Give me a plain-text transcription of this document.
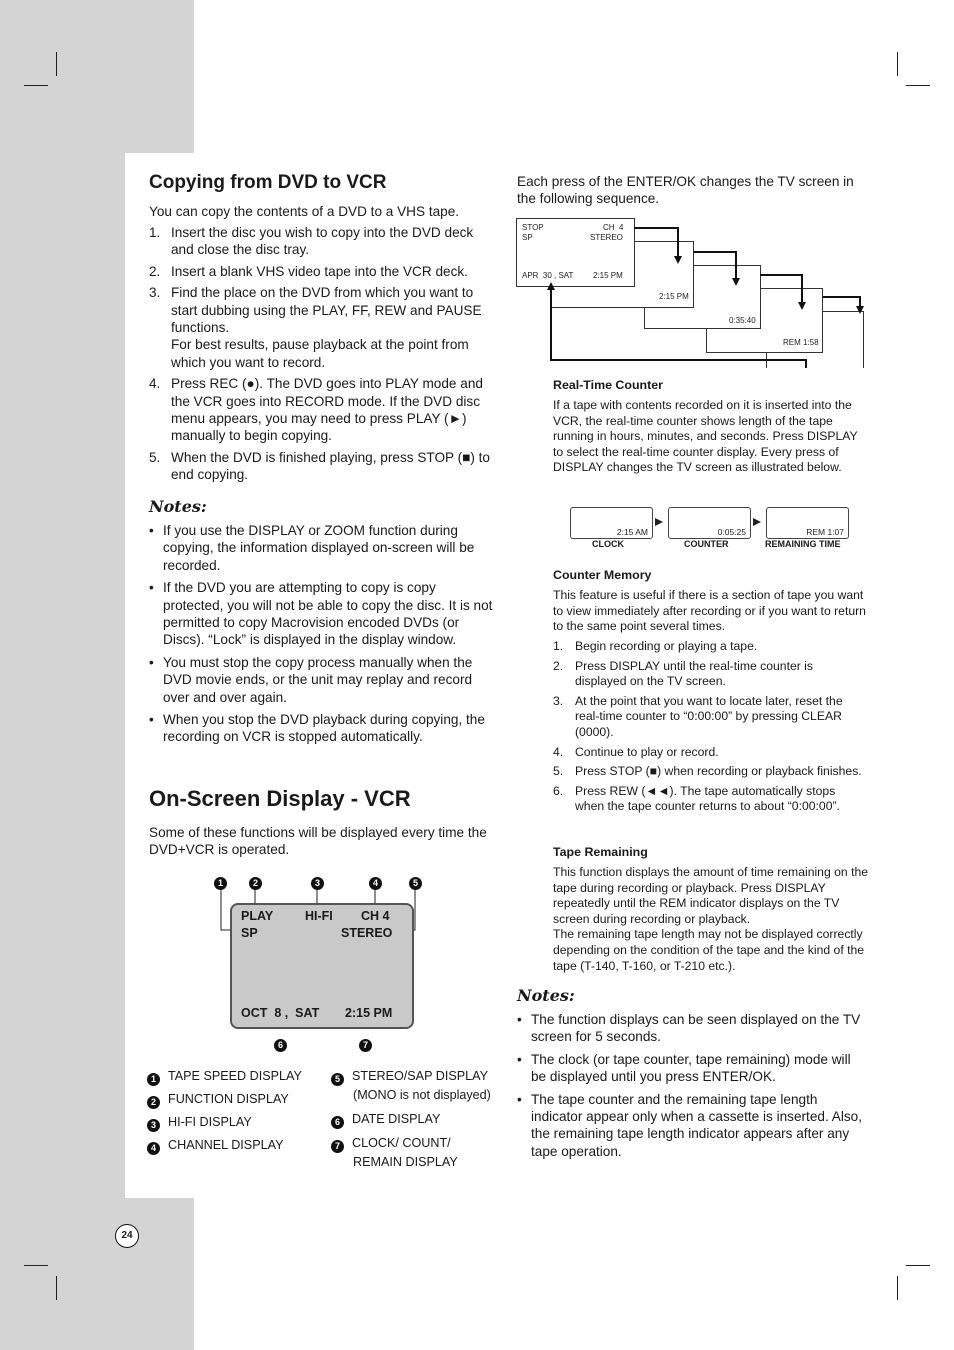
Copying from DVD to VCR
You can copy the contents of a DVD to a VHS tape.
1. Insert the disc you wish to copy into the DVD deck and close the disc tray.
2. Insert a blank VHS video tape into the VCR deck.
3. Find the place on the DVD from which you want to start dubbing using the PLAY, FF, REW and PAUSE functions.
For best results, pause playback at the point from which you want to record.
4. Press REC (●). The DVD goes into PLAY mode and the VCR goes into RECORD mode. If the DVD disc menu appears, you may need to press PLAY (►) manually to begin copying.
5. When the DVD is finished playing, press STOP (■) to end copying.
Notes:
• If you use the DISPLAY or ZOOM function during copying, the information displayed on-screen will be recorded.
• If the DVD you are attempting to copy is copy protected, you will not be able to copy the disc. It is not permitted to copy Macrovision encoded DVDs (or Discs). “Lock” is displayed in the display window.
• You must stop the copy process manually when the DVD movie ends, or the unit may replay and record over and over again.
• When you stop the DVD playback during copying, the recording on VCR is stopped automatically.
On-Screen Display - VCR
Some of these functions will be displayed every time the DVD+VCR is operated.
1	2	3	4	5
PLAY	HI-FI CH 4
SP	STEREO
OCT  8 ,  SAT 2:15 PM
6	7
1 TAPE SPEED DISPLAY
2 FUNCTION DISPLAY
3 HI-FI DISPLAY
4 CHANNEL DISPLAY
5 STEREO/SAP DISPLAY
(MONO is not displayed)
6 DATE DISPLAY
7 CLOCK/ COUNT/
REMAIN DISPLAY
Each press of the ENTER/OK changes the TV screen in the following sequence.
STOP	CH  4
SP	STEREO
APR  30 , SAT 2:15 PM
2:15 PM
0:35:40
REM 1:58
Real-Time Counter
If a tape with contents recorded on it is inserted into the VCR, the real-time counter shows length of the tape running in hours, minutes, and seconds. Press DISPLAY to select the real-time counter display. Every press of DISPLAY changes the TV screen as illustrated below.
2:15 AM	0:05:25	REM 1:07
CLOCK	COUNTER	REMAINING TIME
Counter Memory
This feature is useful if there is a section of tape you want to view immediately after recording or if you want to return to the same point several times.
1. Begin recording or playing a tape.
2. Press DISPLAY until the real-time counter is displayed on the TV screen.
3. At the point that you want to locate later, reset the real-time counter to “0:00:00” by pressing CLEAR (0000).
4. Continue to play or record.
5. Press STOP (■) when recording or playback finishes.
6. Press REW (◄◄). The tape automatically stops when the tape counter returns to about “0:00:00”.
Tape Remaining
This function displays the amount of time remaining on the tape during recording or playback. Press DISPLAY repeatedly until the REM indicator displays on the TV screen during recording or playback.
The remaining tape length may not be displayed correctly depending on the condition of the tape and the kind of the tape (T-140, T-160, or T-210 etc.).
Notes:
• The function displays can be seen displayed on the TV screen for 5 seconds.
• The clock (or tape counter, tape remaining) mode will be displayed until you press ENTER/OK.
• The tape counter and the remaining tape length indicator appear only when a cassette is inserted. Also, the remaining tape length indicator appears after any tape operation.
24
